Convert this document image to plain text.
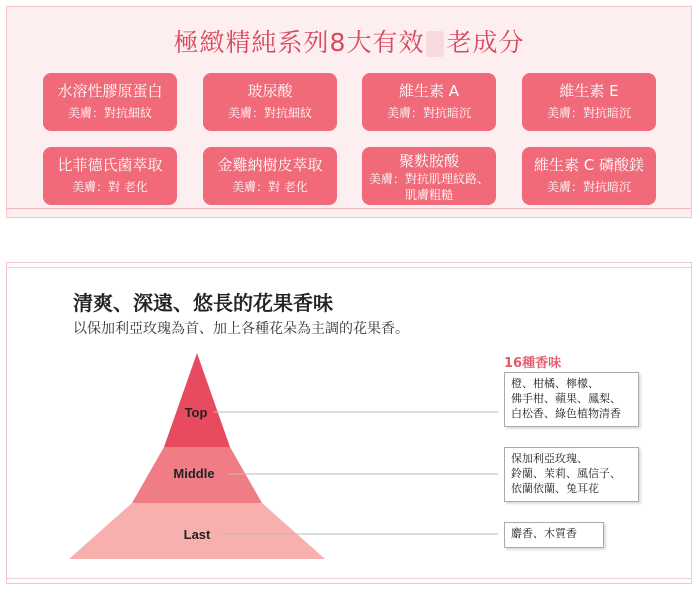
極緻精純系列8大有效 老成分
水溶性膠原蛋白
美膚：對抗細紋
玻尿酸
美膚：對抗細紋
維生素 A
美膚：對抗暗沉
維生素 E
美膚：對抗暗沉
比菲德氏菌萃取
美膚：對 老化
金雞納樹皮萃取
美膚：對 老化
聚麩胺酸
美膚：對抗肌理紋路、
肌膚粗糙
維生素 C 磷酸鎂
美膚：對抗暗沉
清爽、深遠、悠長的花果香味
以保加利亞玫瑰為首、加上各種花朵為主調的花果香。
16種香味
Top
Middle
Last
橙、柑橘、檸檬、
佛手柑、蘋果、鳳梨、
白松香、綠色植物清香
保加利亞玫瑰、
鈴蘭、茉莉、風信子、
依蘭依蘭、兔耳花
麝香、木質香
